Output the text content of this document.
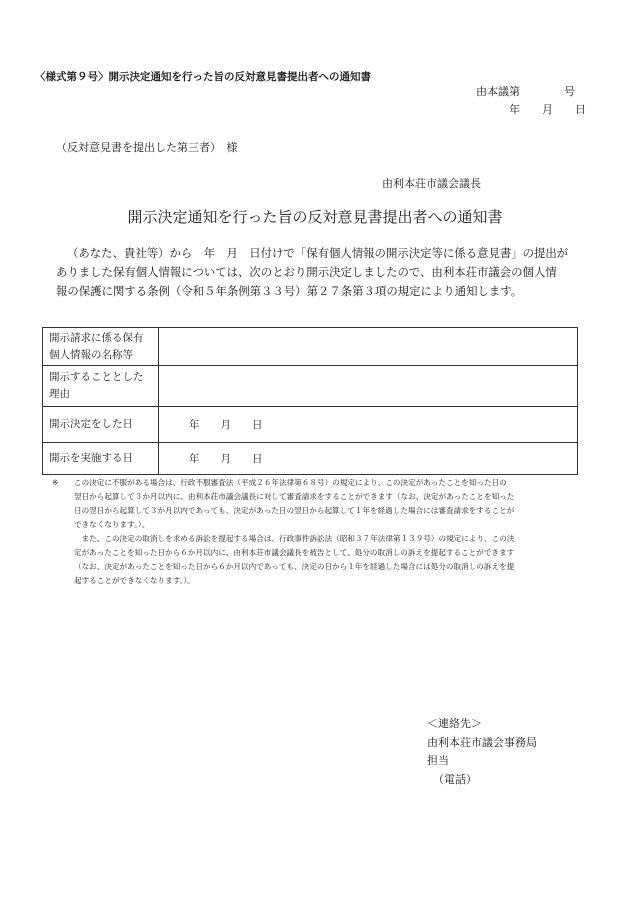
〈様式第９号〉開示決定通知を行った旨の反対意見書提出者への通知書
由本議第　　　　号
年　　月　　日
（反対意見書を提出した第三者）　様
由利本荘市議会議長
開示決定通知を行った旨の反対意見書提出者への通知書
（あなた、貴社等）から　年　月　日付けで「保有個人情報の開示決定等に係る意見書」の提出が
ありました保有個人情報については、次のとおり開示決定しましたので、由利本荘市議会の個人情
報の保護に関する条例（令和５年条例第３３号）第２７条第３項の規定により通知します。
開示請求に係る保有
個人情報の名称等	

開示することとした
理由	

開示決定をした日	年　　月　　日

開示を実施する日	年　　月　　日
※ この決定に不服がある場合は、行政不服審査法（平成２６年法律第６８号）の規定により、この決定があったことを知った日の
翌日から起算して３か月以内に、由利本荘市議会議長に対して審査請求をすることができます（なお、決定があったことを知った
日の翌日から起算して３か月以内であっても、決定があった日の翌日から起算して１年を経過した場合には審査請求をすることが
できなくなります。）。
　また、この決定の取消しを求める訴訟を提起する場合は、行政事件訴訟法（昭和３７年法律第１３９号）の規定により、この決
定があったことを知った日から６か月以内に、由利本荘市議会議長を被告として、処分の取消しの訴えを提起することができます
（なお、決定があったことを知った日から６か月以内であっても、決定の日から１年を経過した場合には処分の取消しの訴えを提
起することができなくなります。）。
＜連絡先＞
由利本荘市議会事務局
担当
（電話）
